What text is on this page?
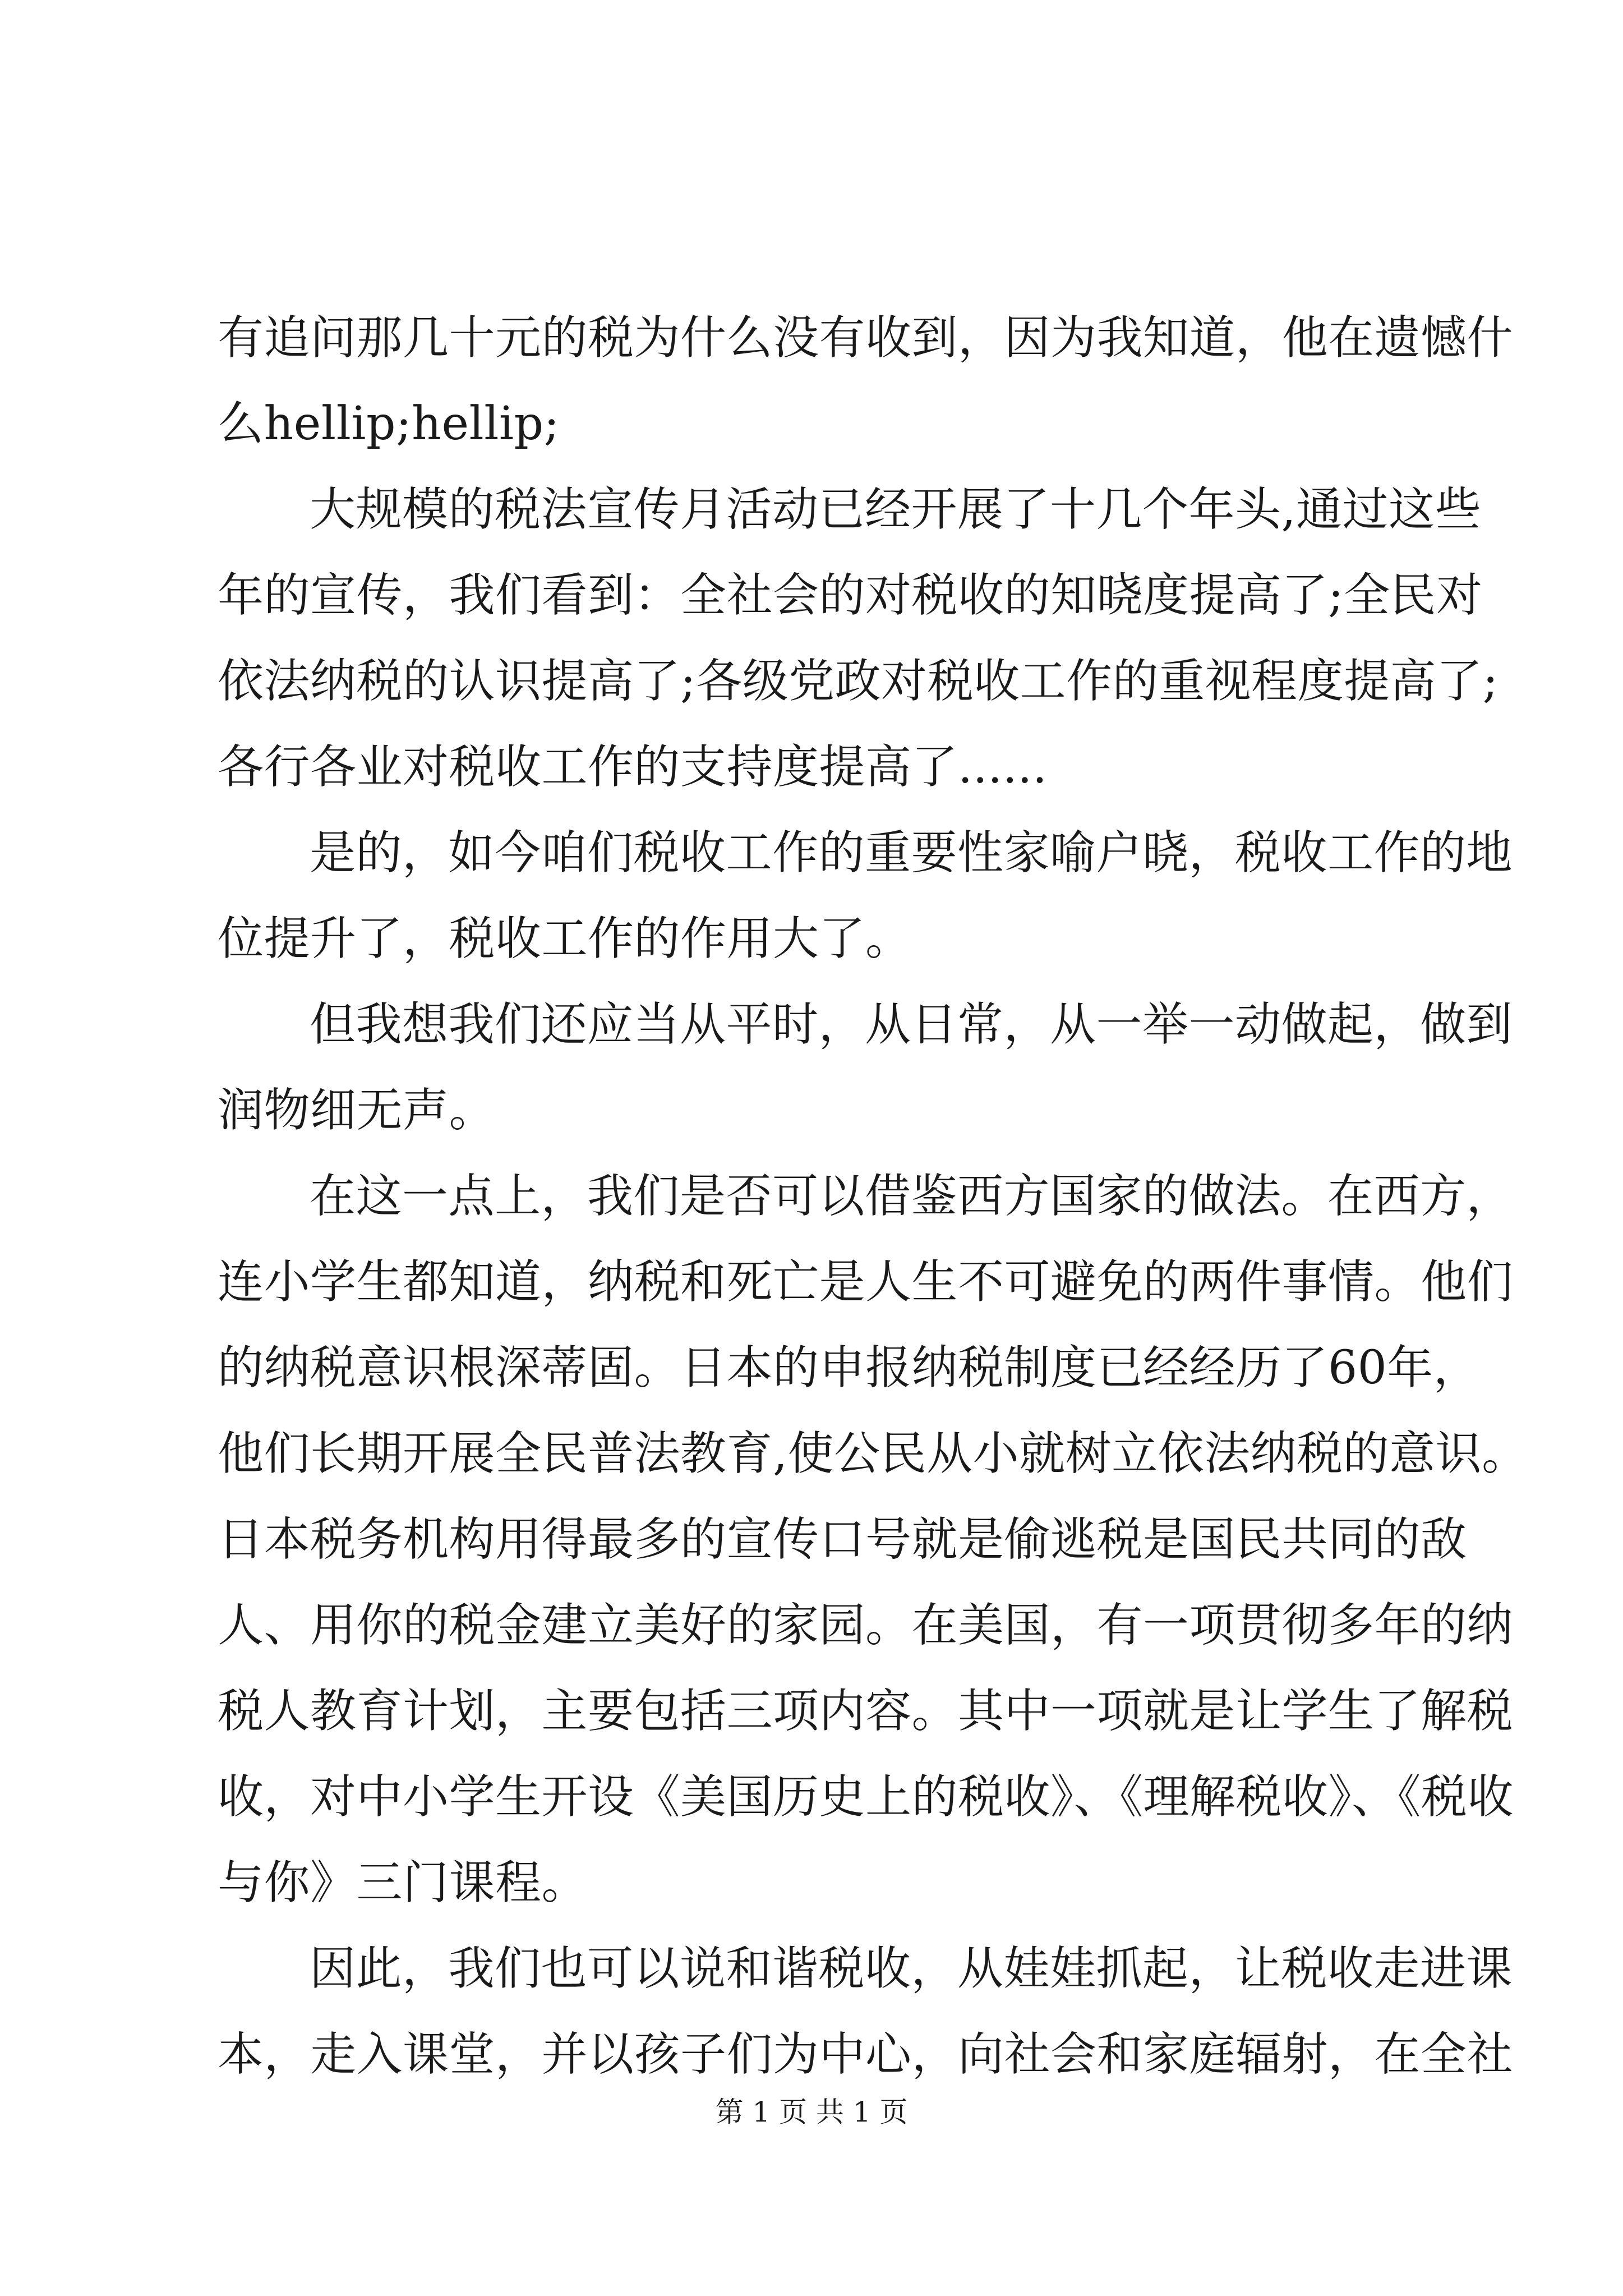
有追问那几十元的税为什么没有收到，因为我知道，他在遗憾什
么hellip;hellip;
大规模的税法宣传月活动已经开展了十几个年头,通过这些
年的宣传，我们看到：全社会的对税收的知晓度提高了;全民对
依法纳税的认识提高了;各级党政对税收工作的重视程度提高了;
各行各业对税收工作的支持度提高了......
是的，如今咱们税收工作的重要性家喻户晓，税收工作的地
位提升了，税收工作的作用大了。
但我想我们还应当从平时，从日常，从一举一动做起，做到
润物细无声。
在这一点上，我们是否可以借鉴西方国家的做法。在西方，
连小学生都知道，纳税和死亡是人生不可避免的两件事情。他们
的纳税意识根深蒂固。日本的申报纳税制度已经经历了60年，
他们长期开展全民普法教育,使公民从小就树立依法纳税的意识。
日本税务机构用得最多的宣传口号就是偷逃税是国民共同的敌
人、用你的税金建立美好的家园。在美国，有一项贯彻多年的纳
税人教育计划，主要包括三项内容。其中一项就是让学生了解税
收，对中小学生开设《美国历史上的税收》、《理解税收》、《税收
与你》三门课程。
因此，我们也可以说和谐税收，从娃娃抓起，让税收走进课
本，走入课堂，并以孩子们为中心，向社会和家庭辐射，在全社
第 1 页 共 1 页
